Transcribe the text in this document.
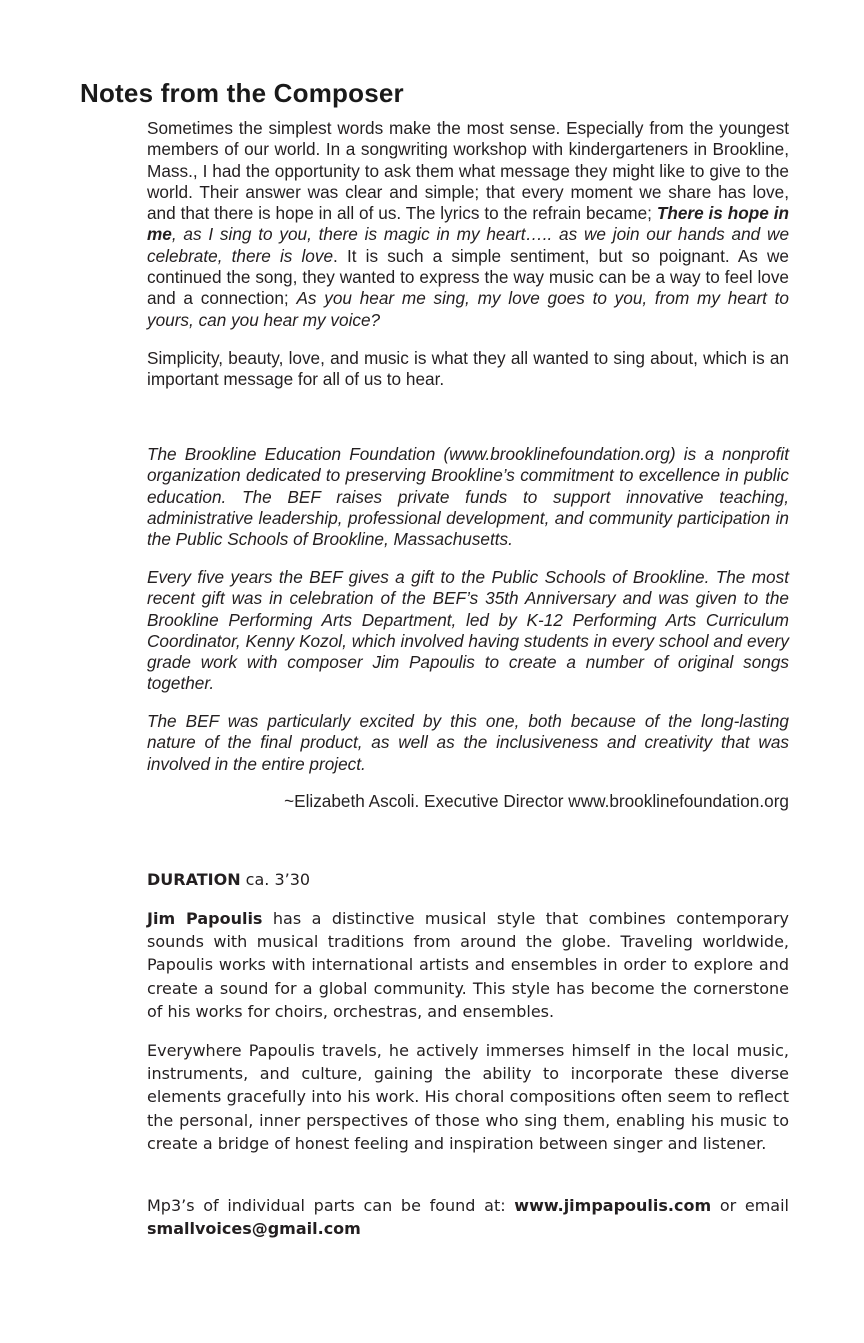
Notes from the Composer

Sometimes the simplest words make the most sense. Especially from the youngest members of our world. In a songwriting workshop with kindergarteners in Brookline, Mass., I had the opportunity to ask them what message they might like to give to the world. Their answer was clear and simple; that every moment we share has love, and that there is hope in all of us. The lyrics to the refrain became; There is hope in me, as I sing to you, there is magic in my heart….. as we join our hands and we celebrate, there is love. It is such a simple sentiment, but so poignant. As we continued the song, they wanted to express the way music can be a way to feel love and a connection; As you hear me sing, my love goes to you, from my heart to yours, can you hear my voice?

Simplicity, beauty, love, and music is what they all wanted to sing about, which is an important message for all of us to hear.

The Brookline Education Foundation (www.brooklinefoundation.org) is a nonprofit organization dedicated to preserving Brookline’s commitment to excellence in public education. The BEF raises private funds to support innovative teaching, administrative leadership, professional development, and community participation in the Public Schools of Brookline, Massachusetts.

Every five years the BEF gives a gift to the Public Schools of Brookline. The most recent gift was in celebration of the BEF’s 35th Anniversary and was given to the Brookline Performing Arts Department, led by K-12 Performing Arts Curriculum Coordinator, Kenny Kozol, which involved having students in every school and every grade work with composer Jim Papoulis to create a number of original songs together.

The BEF was particularly excited by this one, both because of the long-lasting nature of the final product, as well as the inclusiveness and creativity that was involved in the entire project.

~Elizabeth Ascoli. Executive Director www.brooklinefoundation.org

DURATION ca. 3’30

Jim Papoulis has a distinctive musical style that combines contemporary sounds with musical traditions from around the globe. Traveling worldwide, Papoulis works with international artists and ensembles in order to explore and create a sound for a global community. This style has become the cornerstone of his works for choirs, orchestras, and ensembles.

Everywhere Papoulis travels, he actively immerses himself in the local music, instruments, and culture, gaining the ability to incorporate these diverse elements gracefully into his work. His choral compositions often seem to reflect the personal, inner perspectives of those who sing them, enabling his music to create a bridge of honest feeling and inspiration between singer and listener.

Mp3’s of individual parts can be found at: www.jimpapoulis.com or email smallvoices@gmail.com
